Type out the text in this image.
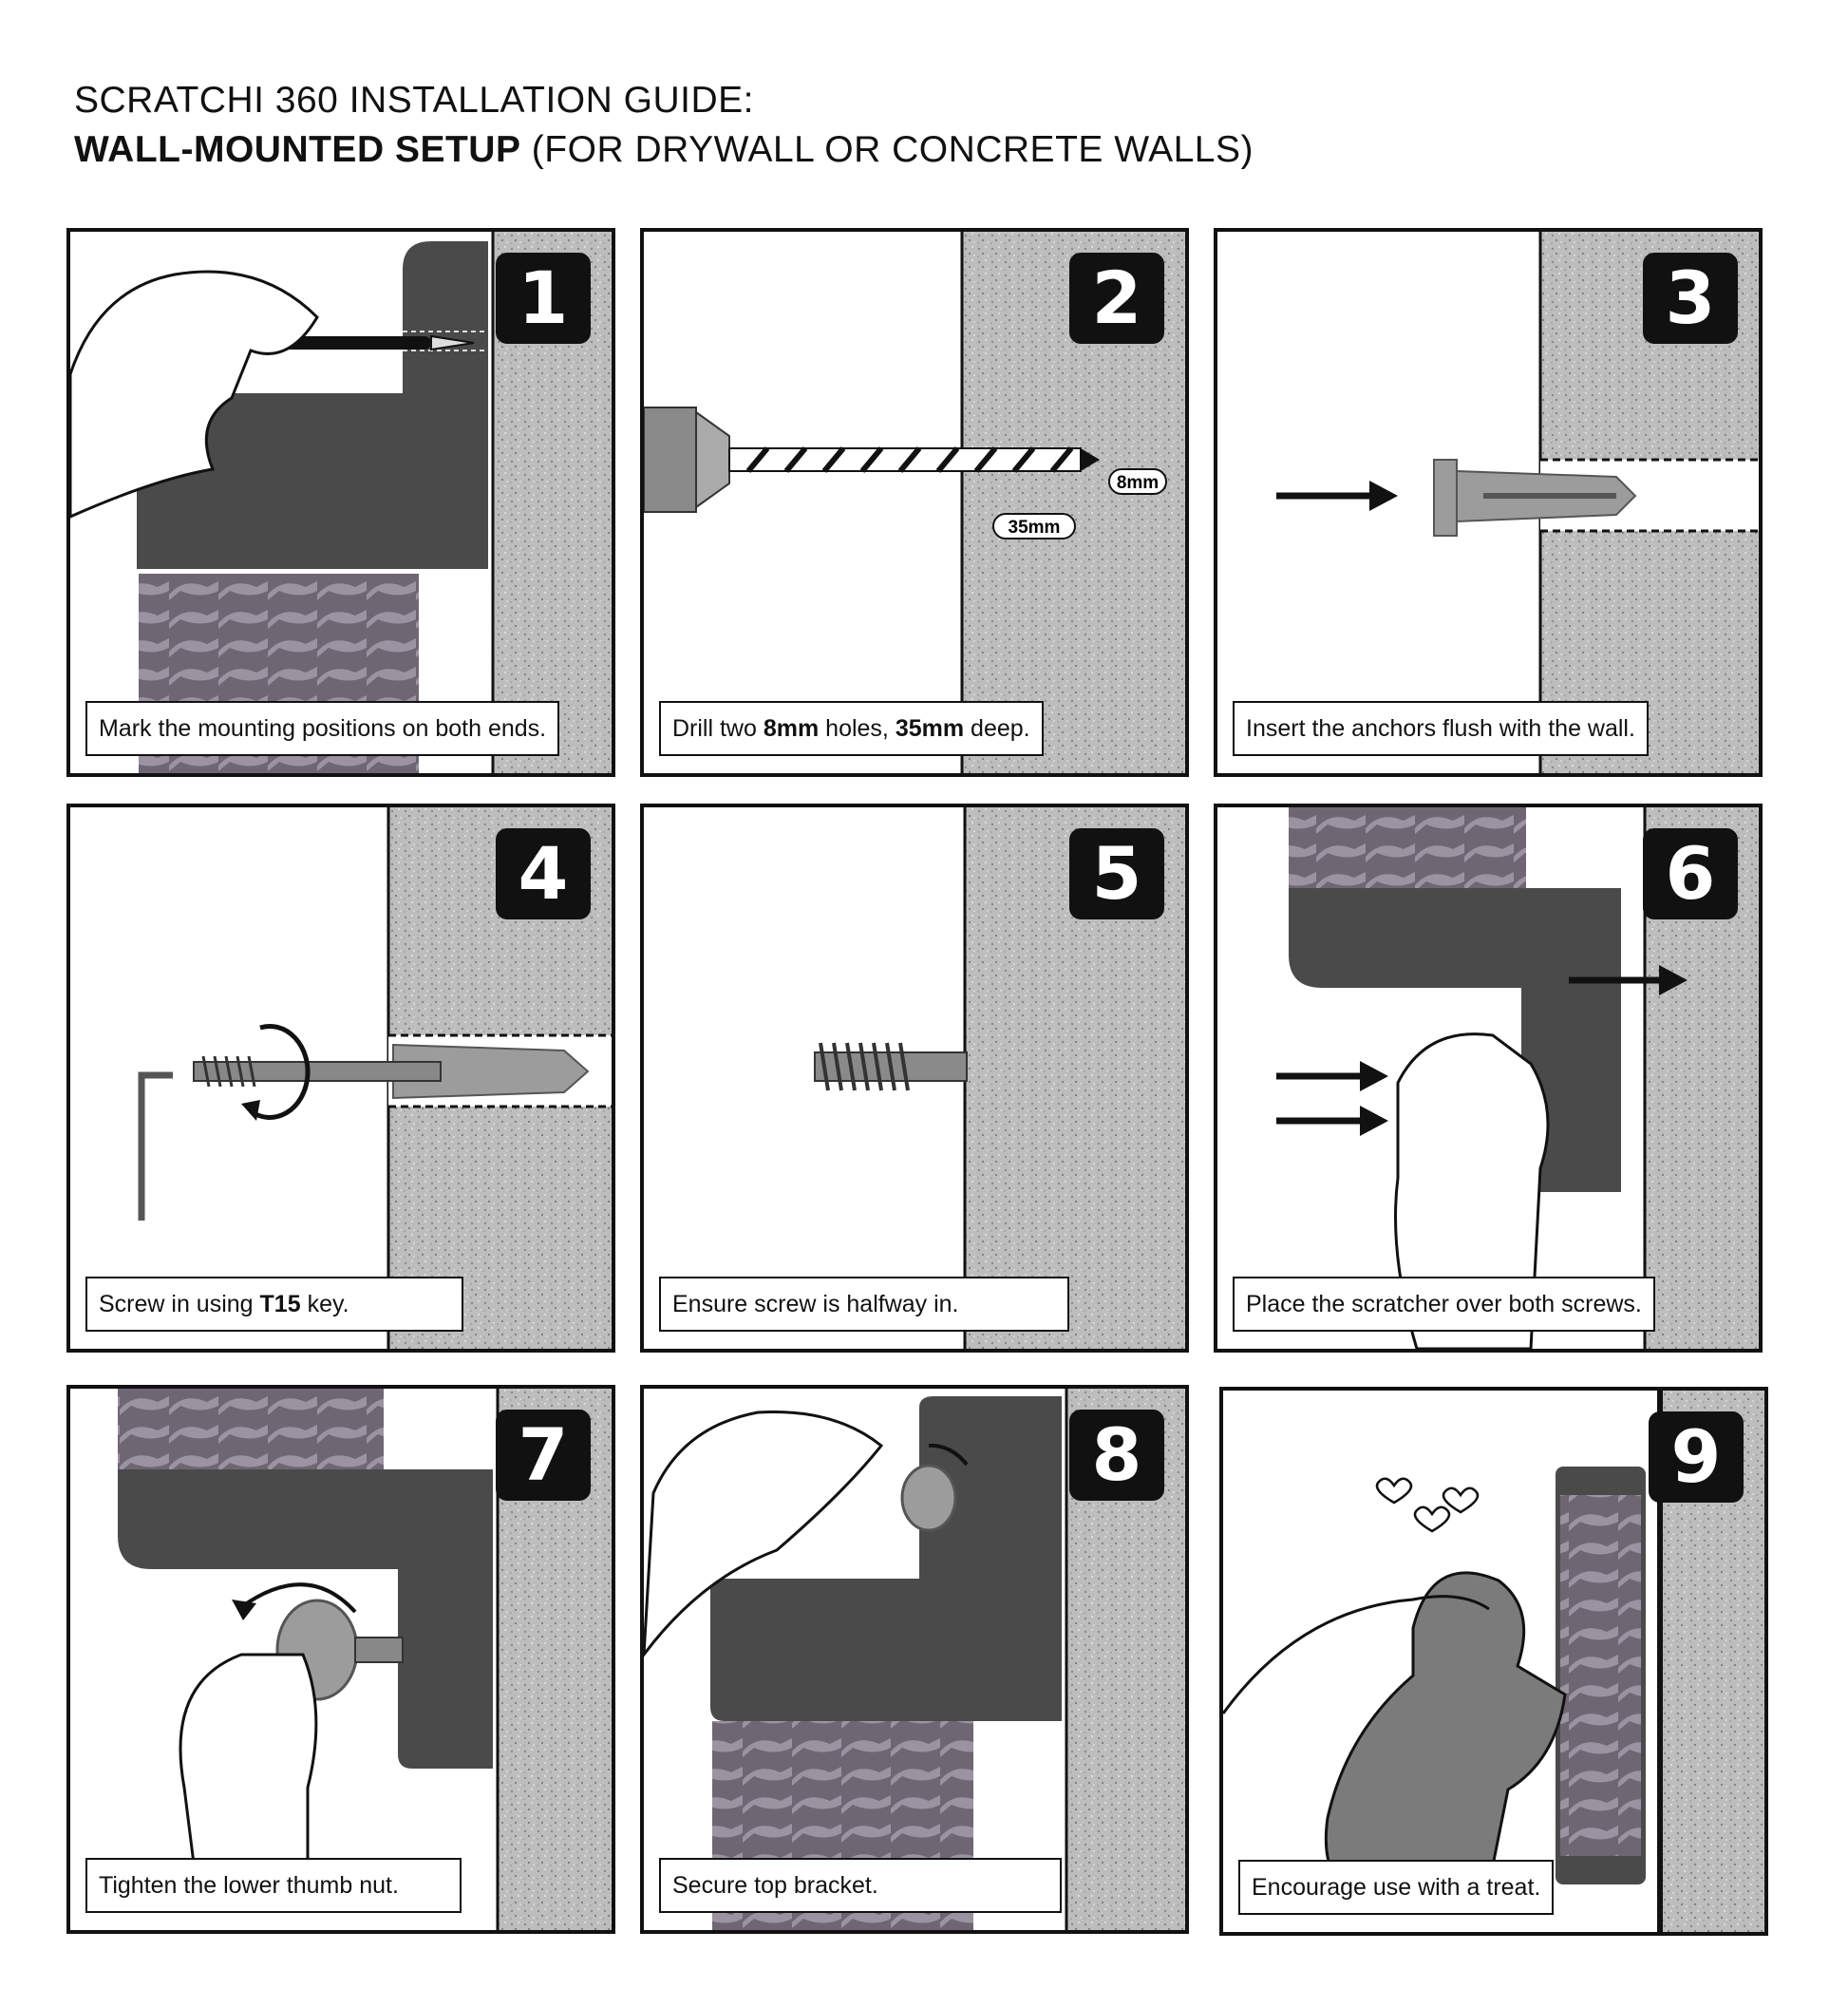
SCRATCHI 360 INSTALLATION GUIDE:
WALL-MOUNTED SETUP (FOR DRYWALL OR CONCRETE WALLS)
1
Mark the mounting positions on both ends.
8mm
35mm
2
Drill two 8mm holes, 35mm deep.
3
Insert the anchors flush with the wall.
4
Screw in using T15 key.
5
Ensure screw is halfway in.
6
Place the scratcher over both screws.
7
Tighten the lower thumb nut.
8
Secure top bracket.
9
Encourage use with a treat.
